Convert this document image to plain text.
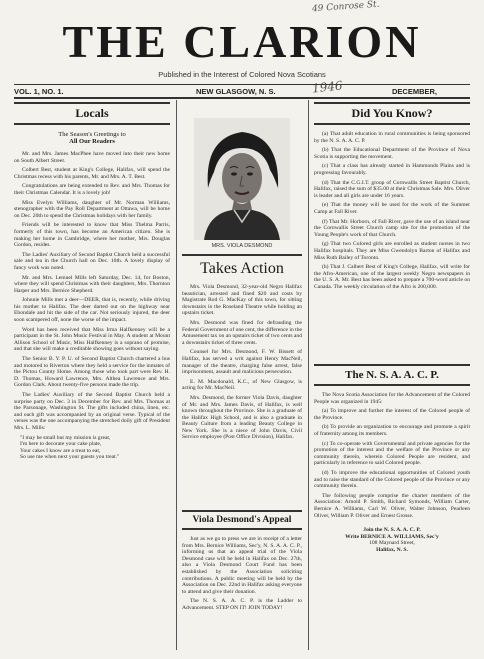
49 Conrose St.
THE CLARION
Published in the Interest of Colored Nova Scotians
1946
VOL. 1, NO. 1.	NEW GLASGOW, N. S.	DECEMBER,
Locals
The Season's Greetings to
All Our Readers

Mr. and Mrs. James MacPhee have moved into their new home on South Albert Street.

Colbert Best, student at King's College, Halifax, will spend the Christmas recess with his parents, Mr. and Mrs. A. T. Best.

Congratulations are being extended to Rev. and Mrs. Thomas for their Christmas Calendar. It is a lovely job!

Miss Evelyn Williams, daughter of Mr. Norman Williams, stenographer with the Pay Roll Department at Ottawa, will be home on Dec. 20th to spend the Christmas holidays with her family.

Friends will be interested to know that Miss Thelma Parris, formerly of this town, has become an American citizen. She is making her home in Cambridge, where her mother, Mrs. Douglas Gordon, resides.

The Ladies' Auxiliary of Second Baptist Church held a successful sale and tea in the Church hall on Dec. 10th. A lovely display of fancy work was noted.

Mr. and Mrs. Lemuel Mills left Saturday, Dec. 14, for Boston, where they will spend Christmas with their daughters, Mrs. Thornton Harper and Mrs. Bernice Shepherd.

Johnnie Mills met a deer—DEER, that is, recently, while driving his mother to Halifax. The deer darted out on the highway near Ebondale and hit the side of the car. Not seriously injured, the deer soon scampered off, none the worse of the impact.

Word has been received that Miss Irma Halfkenney will be a participant in the St. John Music Festival in May. A student at Mount Allison School of Music, Miss Halfkenney is a soprano of promise, and that she will make a creditable showing goes without saying.

The Senior B. Y. P. U. of Second Baptist Church chartered a bus and motored to Riverton where they held a service for the inmates of the Pictou County Home. Among those who took part were Rev. H. D. Thomas, Howard Lawrence, Mrs. Althea Lawrence and Mrs. Gordon Clark. About twenty-five persons made the trip.

The Ladies' Auxiliary of the Second Baptist Church held a surprise party on Dec. 3 in December for Rev. and Mrs. Thomas at the Parsonage, Washington St. The gifts included china, linen, etc. and each gift was accompanied by an original verse. Typical of the verses was the one accompanying the stretched doily gift of President Mrs. L. Mills:

"I may be small but my mission is great,
I'm here to decorate your cake plate,
Your cakes I know are a treat to eat,
So use me when next your guests you treat."
MRS. VIOLA DESMOND
Takes Action

Mrs. Viola Desmond, 32-year-old Negro Halifax beautician, arrested and fined $20 and costs by Magistrate Rod G. MacKay of this town, for sitting downstairs in the Roseland Theatre while holding an upstairs ticket.

Mrs. Desmond was fined for defrauding the Federal Government of one cent, the difference in the Amusement tax on an upstairs ticket of two cents and a downstairs ticket of three cents.

Counsel for Mrs. Desmond, F. W. Bissett of Halifax, has served a writ against Henry MacNeil, manager of the theatre, charging false arrest, false imprisonment, assault and malicious persecution.

E. M. Macdonald, K.C., of New Glasgow, is acting for Mr. MacNeil.

Mrs. Desmond, the former Viola Davis, daughter of Mr. and Mrs. James Davis, of Halifax, is well known throughout the Province. She is a graduate of the Halifax High School, and is also a graduate in Beauty Culture from a leading Beauty College in New York. She is a niece of John Davis, Civil Service employee (Post Office Division), Halifax.

Viola Desmond's Appeal

Just as we go to press we are in receipt of a letter from Mrs. Bernice Williams, Sec'y, N. S. A. A. C. P., informing us that an appeal trial of the Viola Desmond case will be held in Halifax on Dec. 27th, also a Viola Desmond Court Fund has been established by the Association soliciting contributions. A public meeting will be held by the Association on Dec. 22nd in Halifax asking everyone to attend and give their donation.

The N. S. A. A. C. P. is the Ladder to Advancement. STEP ON IT! JOIN TODAY!

Did You Know?

(a) That adult education in rural communities is being sponsored by the N. S. A. A. C. P.

(b) That the Educational Department of the Province of Nova Scotia is supporting the movement.

(c) That a class has already started in Hammonds Plains and is progressing favourably.

(d) That the C.G.I.T. group of Cornwallis Street Baptist Church, Halifax, raised the sum of $35.00 at their Christmas Sale. Mrs. Oliver is leader and all girls are under 16 years.

(e) That the money will be used for the work of the Summer Camp at Fall River.

(f) That Mr. Horborn, of Fall River, gave the use of an island near the Cornwallis Street Church camp site for the promotion of the Young People's work of that Church.

(g) That two Colored girls are enrolled as student nurses in two Halifax hospitals. They are Miss Gwendolyn Barton of Halifax and Miss Ruth Bailey of Toronto.

(h) That J. Calbert Best of King's College, Halifax, will write for the Afro-American, one of the largest weekly Negro newspapers in the U. S. A. Mr. Best has been asked to prepare a 700-word article on Canada. The weekly circulation of the Afro is 200,000.

The N. S. A. A. C. P.

The Nova Scotia Association for the Advancement of the Colored People was organized in 1945:

(a) To improve and further the interest of the Colored people of the Province.

(b) To provide an organization to encourage and promote a spirit of fraternity among its members.

(c) To co-operate with Governmental and private agencies for the promotion of the interest and the welfare of the Province or any community therein, wherein Colored People are resident, and particularly in reference to said Colored people.

(d) To improve the educational opportunities of Colored youth and to raise the standard of the Colored people of the Province or any community therein.

The following people comprise the charter members of the Association: Arnold P. Smith, Richard Symonds, William Carter, Bernice A. Williams, Carl W. Oliver, Walter Johnson, Pearleen Oliver, William P. Oliver and Ernest Grosse.

Join the N. S. A. A. C. P.
Write BERNICE A. WILLIAMS, Sec'y
108 Maynard Street,
Halifax, N. S.
